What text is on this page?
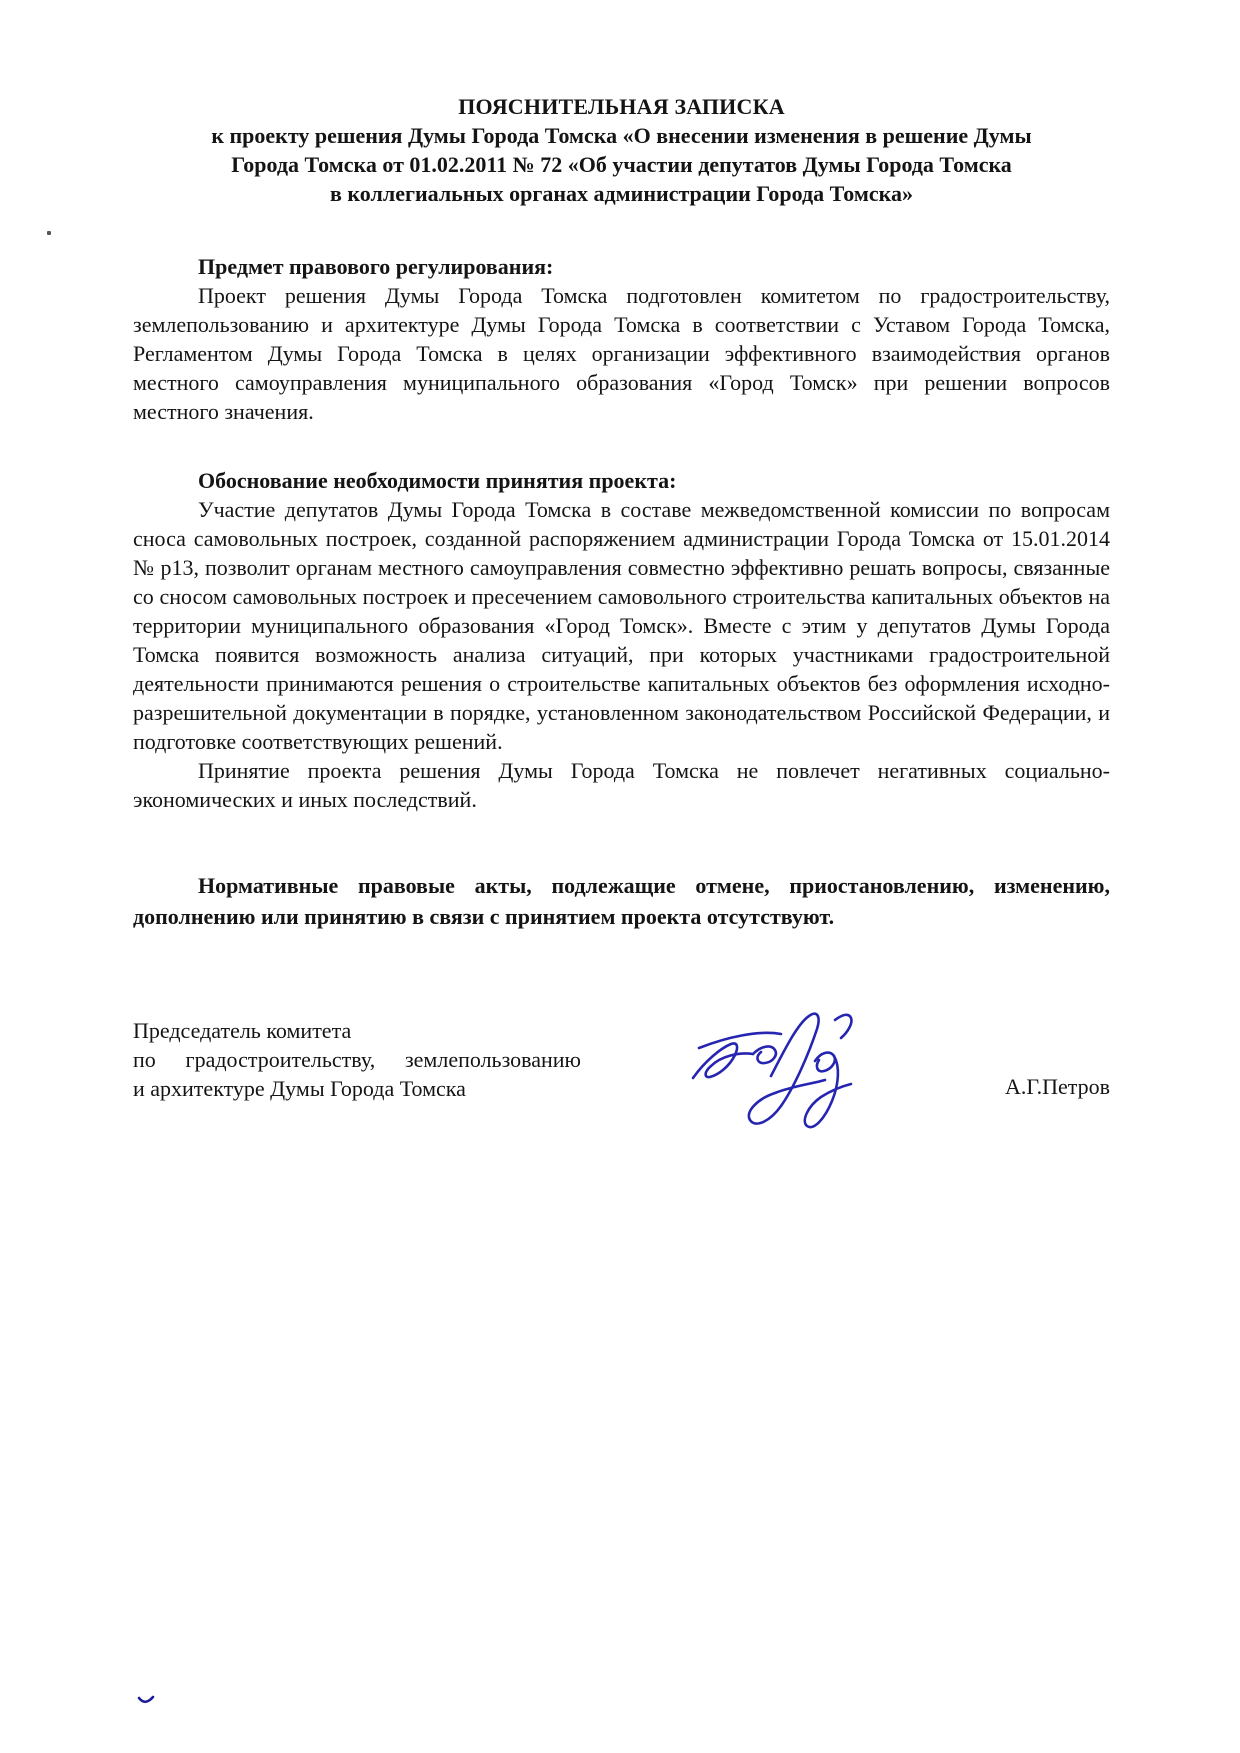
ПОЯСНИТЕЛЬНАЯ ЗАПИСКА

к проекту решения Думы Города Томска «О внесении изменения в решение Думы

Города Томска от 01.02.2011 № 72 «Об участии депутатов Думы Города Томска

в коллегиальных органах администрации Города Томска»

Предмет правового регулирования:

Проект решения Думы Города Томска подготовлен комитетом по градостроительству, землепользованию и архитектуре Думы Города Томска в соответствии с Уставом Города Томска, Регламентом Думы Города Томска в целях организации эффективного взаимодействия органов местного самоуправления муниципального образования «Город Томск» при решении вопросов местного значения.

Обоснование необходимости принятия проекта:

Участие депутатов Думы Города Томска в составе межведомственной комиссии по вопросам сноса самовольных построек, созданной распоряжением администрации Города Томска от 15.01.2014 № р13, позволит органам местного самоуправления совместно эффективно решать вопросы, связанные со сносом самовольных построек и пресечением самовольного строительства капитальных объектов на территории муниципального образования «Город Томск». Вместе с этим у депутатов Думы Города Томска появится возможность анализа ситуаций, при которых участниками градостроительной деятельности принимаются решения о строительстве капитальных объектов без оформления исходно-разрешительной документации в порядке, установленном законодательством Российской Федерации, и подготовке соответствующих решений.

Принятие проекта решения Думы Города Томска не повлечет негативных социально-экономических и иных последствий.

Нормативные правовые акты, подлежащие отмене, приостановлению, изменению, дополнению или принятию в связи с принятием проекта отсутствуют.

Председатель комитета

по градостроительству, землепользованию

и архитектуре Думы Города Томска	А.Г.Петров
